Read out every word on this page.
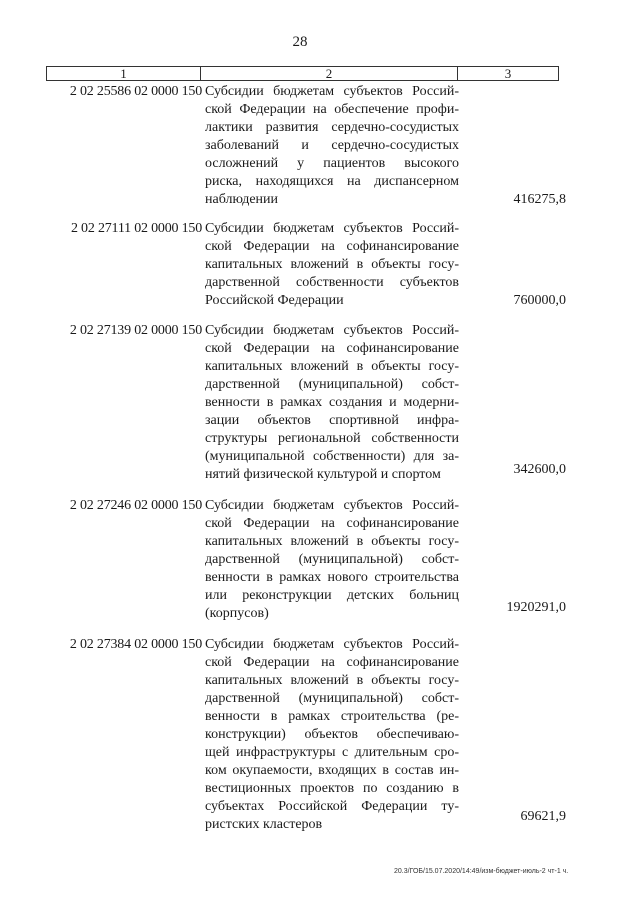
28
1	2	3
2 02 25586 02 0000 150 Субсидии бюджетам субъектов Россий-
ской Федерации на обеспечение профи-
лактики развития сердечно-сосудистых
заболеваний и сердечно-сосудистых
осложнений у пациентов высокого
риска, находящихся на диспансерном
наблюдении	416275,8
2 02 27111 02 0000 150 Субсидии бюджетам субъектов Россий-
ской Федерации на софинансирование
капитальных вложений в объекты госу-
дарственной собственности субъектов
Российской Федерации	760000,0
2 02 27139 02 0000 150 Субсидии бюджетам субъектов Россий-
ской Федерации на софинансирование
капитальных вложений в объекты госу-
дарственной (муниципальной) собст-
венности в рамках создания и модерни-
зации объектов спортивной инфра-
структуры региональной собственности
(муниципальной собственности) для за-
нятий физической культурой и спортом	342600,0
2 02 27246 02 0000 150 Субсидии бюджетам субъектов Россий-
ской Федерации на софинансирование
капитальных вложений в объекты госу-
дарственной (муниципальной) собст-
венности в рамках нового строительства
или реконструкции детских больниц
(корпусов)	1920291,0
2 02 27384 02 0000 150 Субсидии бюджетам субъектов Россий-
ской Федерации на софинансирование
капитальных вложений в объекты госу-
дарственной (муниципальной) собст-
венности в рамках строительства (ре-
конструкции) объектов обеспечиваю-
щей инфраструктуры с длительным сро-
ком окупаемости, входящих в состав ин-
вестиционных проектов по созданию в
субъектах Российской Федерации ту-
ристских кластеров
69621,9
20.3/ГОБ/15.07.2020/14:49/изм-бюджет-июль-2 чт-1 ч.
